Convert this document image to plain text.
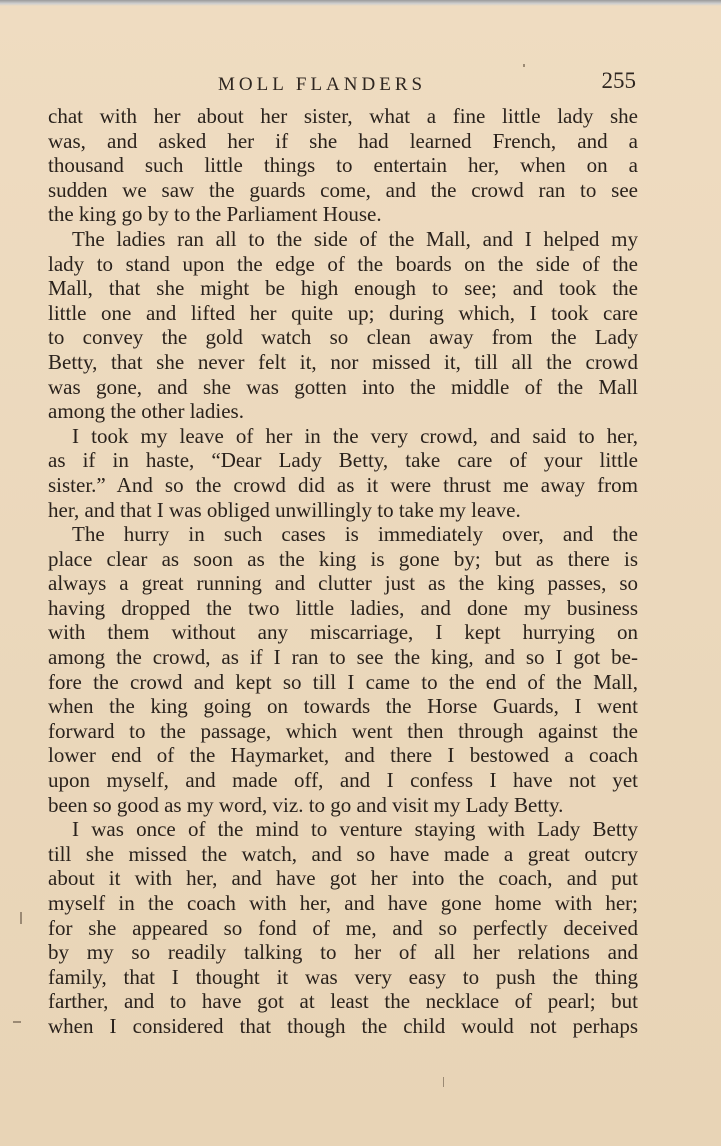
MOLL FLANDERS	255
chat with her about her sister, what a fine little lady she
was, and asked her if she had learned French, and a
thousand such little things to entertain her, when on a
sudden we saw the guards come, and the crowd ran to see
the king go by to the Parliament House.
The ladies ran all to the side of the Mall, and I helped my
lady to stand upon the edge of the boards on the side of the
Mall, that she might be high enough to see; and took the
little one and lifted her quite up; during which, I took care
to convey the gold watch so clean away from the Lady
Betty, that she never felt it, nor missed it, till all the crowd
was gone, and she was gotten into the middle of the Mall
among the other ladies.
I took my leave of her in the very crowd, and said to her,
as if in haste, “Dear Lady Betty, take care of your little
sister.” And so the crowd did as it were thrust me away from
her, and that I was obliged unwillingly to take my leave.
The hurry in such cases is immediately over, and the
place clear as soon as the king is gone by; but as there is
always a great running and clutter just as the king passes, so
having dropped the two little ladies, and done my business
with them without any miscarriage, I kept hurrying on
among the crowd, as if I ran to see the king, and so I got be-
fore the crowd and kept so till I came to the end of the Mall,
when the king going on towards the Horse Guards, I went
forward to the passage, which went then through against the
lower end of the Haymarket, and there I bestowed a coach
upon myself, and made off, and I confess I have not yet
been so good as my word, viz. to go and visit my Lady Betty.
I was once of the mind to venture staying with Lady Betty
till she missed the watch, and so have made a great outcry
about it with her, and have got her into the coach, and put
myself in the coach with her, and have gone home with her;
for she appeared so fond of me, and so perfectly deceived
by my so readily talking to her of all her relations and
family, that I thought it was very easy to push the thing
farther, and to have got at least the necklace of pearl; but
when I considered that though the child would not perhaps
